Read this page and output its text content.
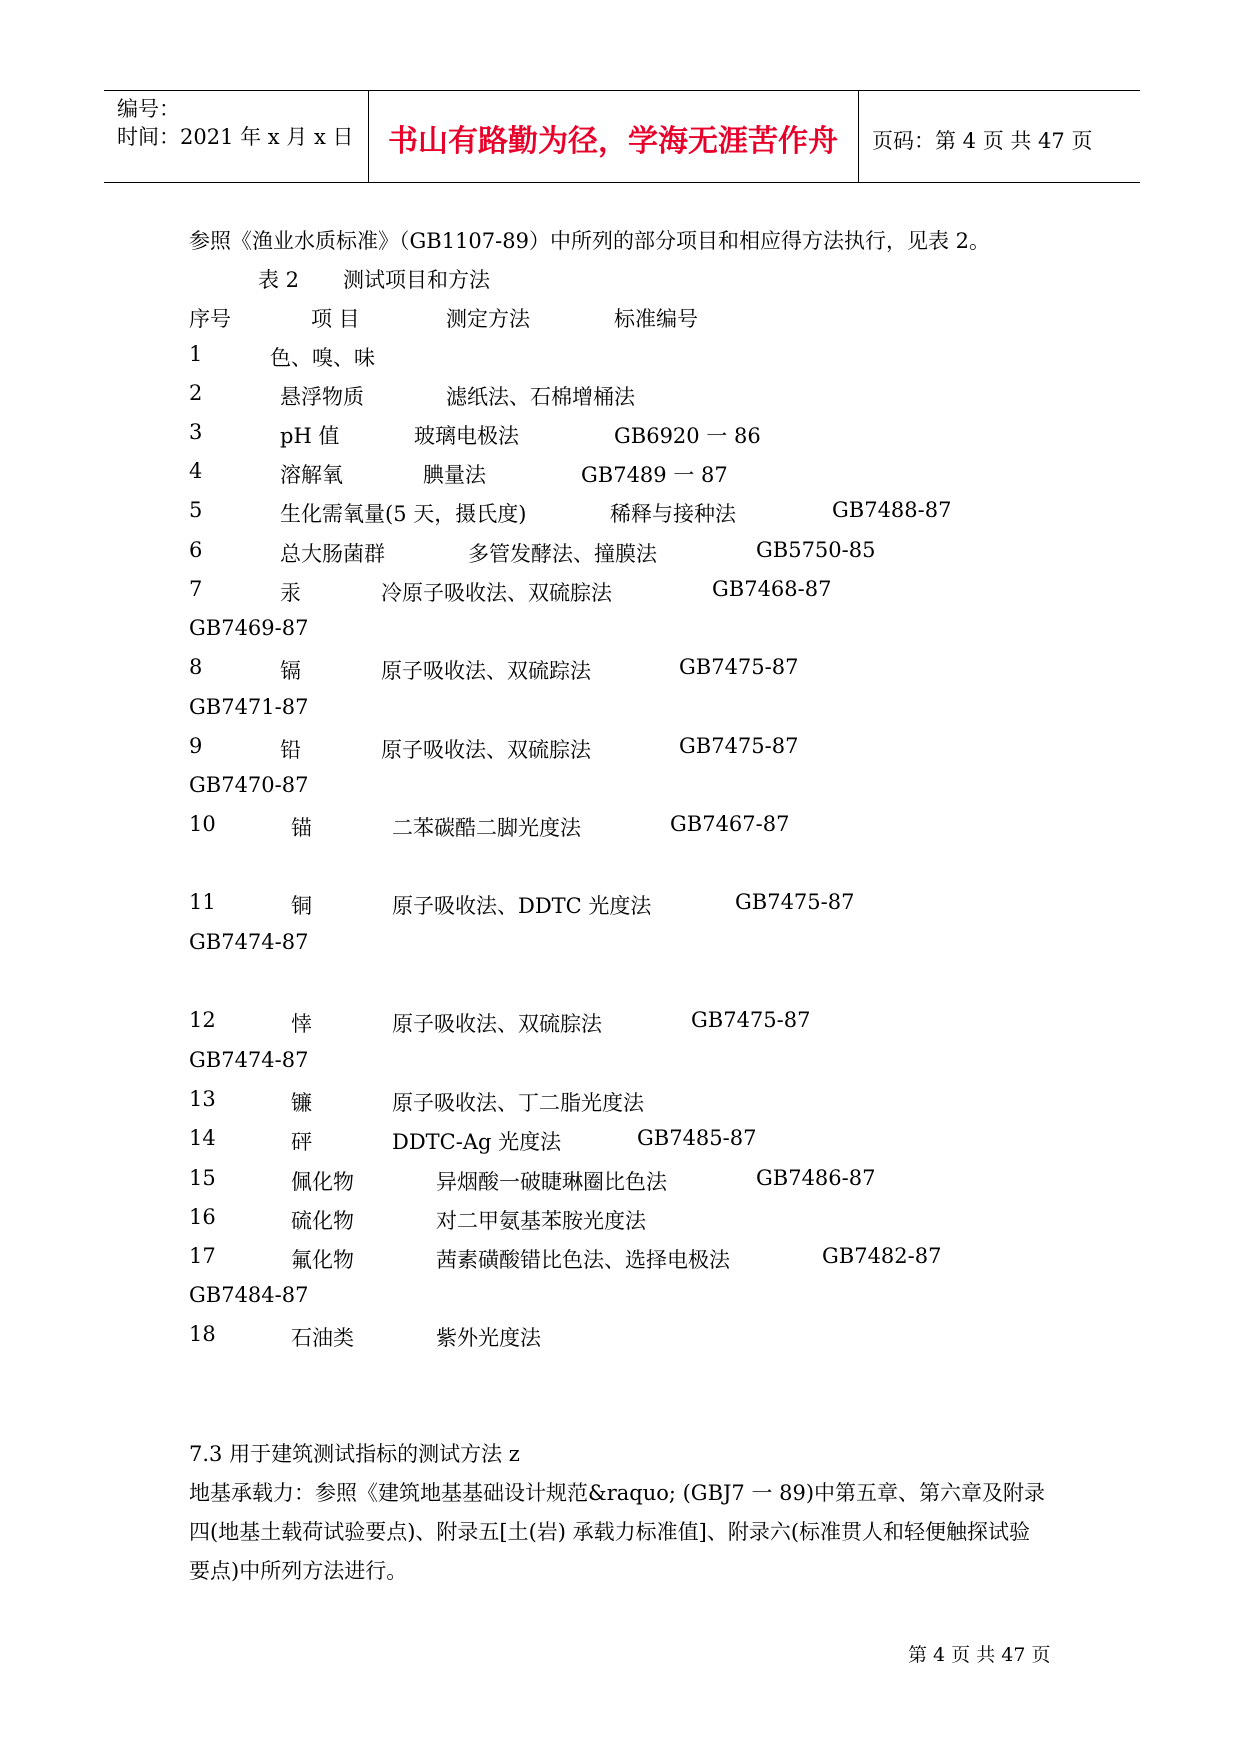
编号：
时间：2021 年 x 月 x 日	书山有路勤为径，学海无涯苦作舟	页码：第 4 页 共 47 页
参照《渔业水质标准》（GB1107-89）中所列的部分项目和相应得方法执行，见表 2。
表 2 测试项目和方法
序号	项 目	测定方法	标准编号
1	色、嗅、味
2	悬浮物质	滤纸法、石棉增桶法
3	pH 值	玻璃电极法	GB6920 一 86
4	溶解氧	腆量法	GB7489 一 87
5	生化需氧量(5 天，摄氏度)	稀释与接种法	GB7488-87
6	总大肠菌群	多管发酵法、撞膜法	GB5750-85
7	汞	冷原子吸收法、双硫腙法	GB7468-87
GB7469-87
8	镉	原子吸收法、双硫踪法	GB7475-87
GB7471-87
9	铅	原子吸收法、双硫腙法	GB7475-87
GB7470-87
10	锚	二苯碳酷二脚光度法	GB7467-87
11	铜	原子吸收法、DDTC 光度法	GB7475-87
GB7474-87
12	悻	原子吸收法、双硫腙法	GB7475-87
GB7474-87
13	镰	原子吸收法、丁二脂光度法
14	砰	DDTC-Ag 光度法	GB7485-87
15	佩化物	异烟酸一破睫琳圈比色法	GB7486-87
16	硫化物	对二甲氨基苯胺光度法
17	氟化物	茜素磺酸错比色法、选择电极法	GB7482-87
GB7484-87
18	石油类	紫外光度法
7.3 用于建筑测试指标的测试方法 z
地基承载力：参照《建筑地基基础设计规范&raquo; (GBJ7 一 89)中第五章、第六章及附录
四(地基土载荷试验要点)、附录五[土(岩) 承载力标准值]、附录六(标准贯人和轻便触探试验
要点)中所列方法进行。
第 4 页 共 47 页
